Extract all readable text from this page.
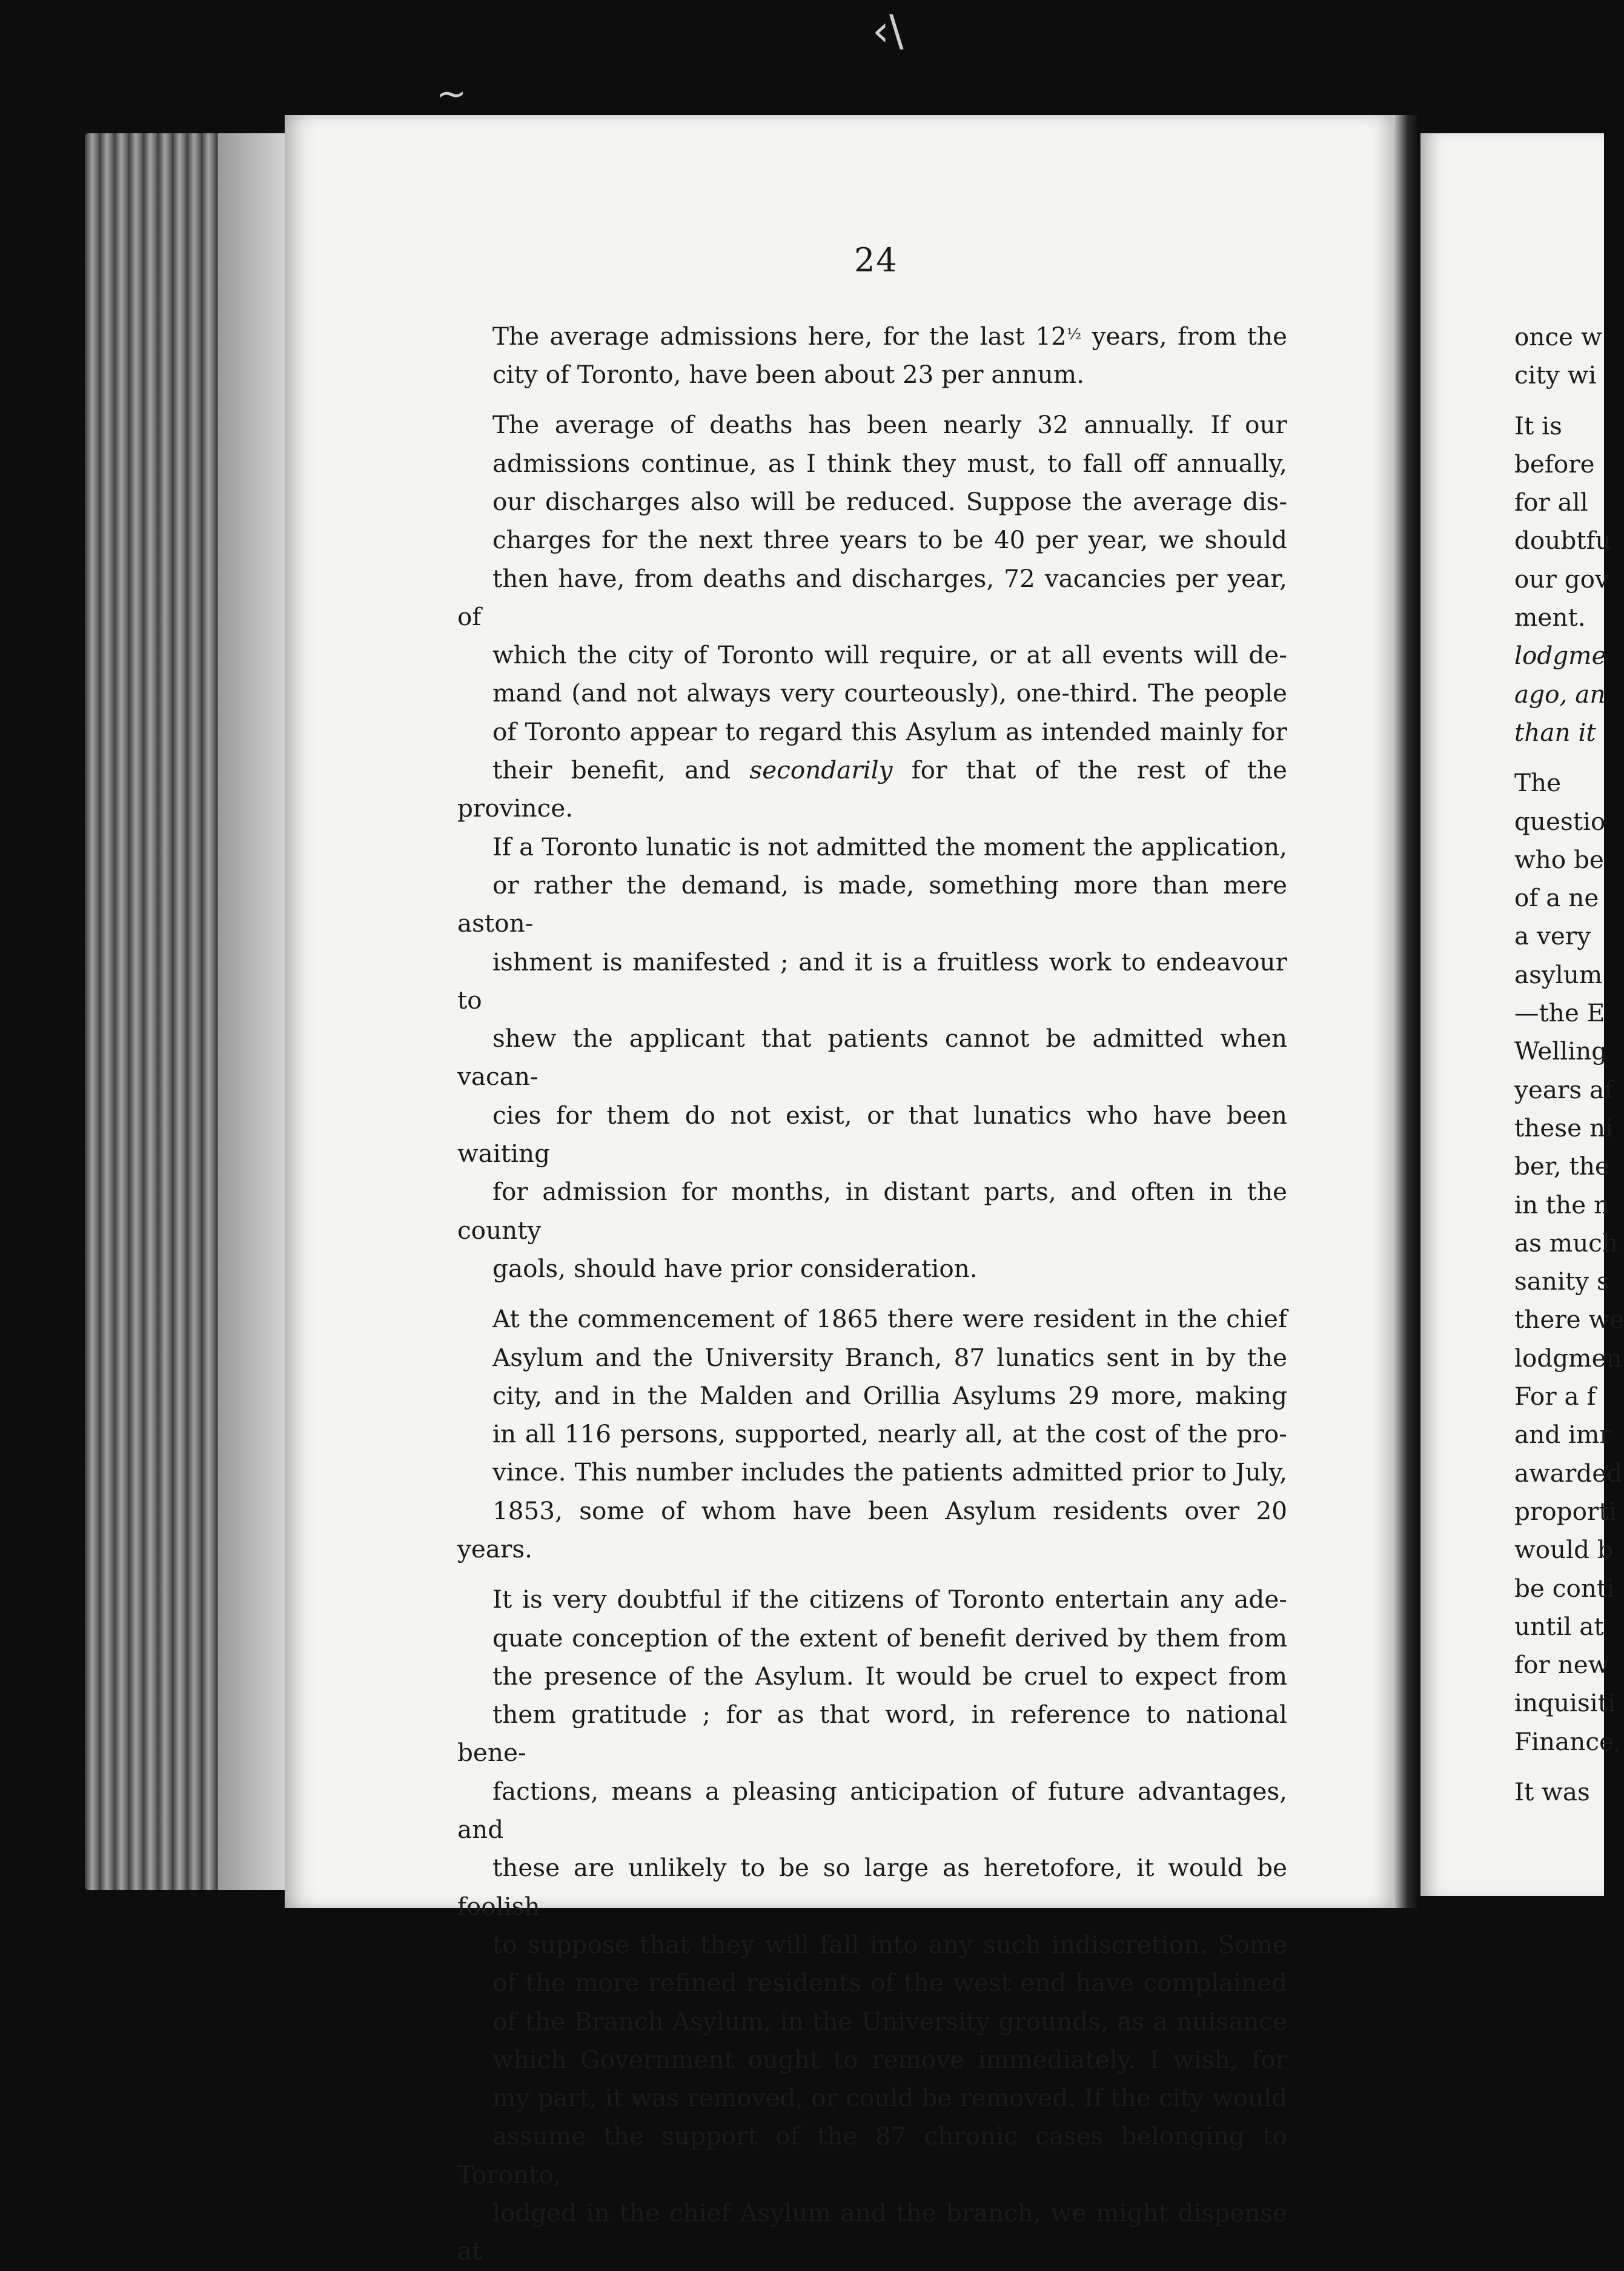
‹\
~
24

The average admissions here, for the last $12^{\frac{1}{2}}$ years, from the
city of Toronto, have been about 23 per annum.

The average of deaths has been nearly 32 annually. If our
admissions continue, as I think they must, to fall off annually,
our discharges also will be reduced. Suppose the average dis-
charges for the next three years to be 40 per year, we should
then have, from deaths and discharges, 72 vacancies per year, of
which the city of Toronto will require, or at all events will de-
mand (and not always very courteously), one-third. The people
of Toronto appear to regard this Asylum as intended mainly for
their benefit, and secondarily for that of the rest of the province.
If a Toronto lunatic is not admitted the moment the application,
or rather the demand, is made, something more than mere aston-
ishment is manifested ; and it is a fruitless work to endeavour to
shew the applicant that patients cannot be admitted when vacan-
cies for them do not exist, or that lunatics who have been waiting
for admission for months, in distant parts, and often in the county
gaols, should have prior consideration.

At the commencement of 1865 there were resident in the chief
Asylum and the University Branch, 87 lunatics sent in by the
city, and in the Malden and Orillia Asylums 29 more, making
in all 116 persons, supported, nearly all, at the cost of the pro-
vince. This number includes the patients admitted prior to July,
1853, some of whom have been Asylum residents over 20 years.

It is very doubtful if the citizens of Toronto entertain any ade-
quate conception of the extent of benefit derived by them from
the presence of the Asylum. It would be cruel to expect from
them gratitude ; for as that word, in reference to national bene-
factions, means a pleasing anticipation of future advantages, and
these are unlikely to be so large as heretofore, it would be foolish
to suppose that they will fall into any such indiscretion. Some
of the more refined residents of the west end have complained
of the Branch Asylum, in the University grounds, as a nuisance
which Government ought to remove immediately. I wish, for
my part, it was removed, or could be removed. If the city would
assume the support of the 87 chronic cases belonging to Toronto,
lodged in the chief Asylum and the branch, we might dispense at

once w
city wi
It is
before
for all
doubtfu
our gov
ment.
lodgme
ago, an
than it
The
questio
who be
of a ne
a very
asylum
—the E
Welling
years af
these ni
ber, the
in the n
as much
sanity s
there we
lodgmen
For a f
and imr
awarded
proporti
would b
be conti
until at
for new
inquisiti
Finance,
It was
